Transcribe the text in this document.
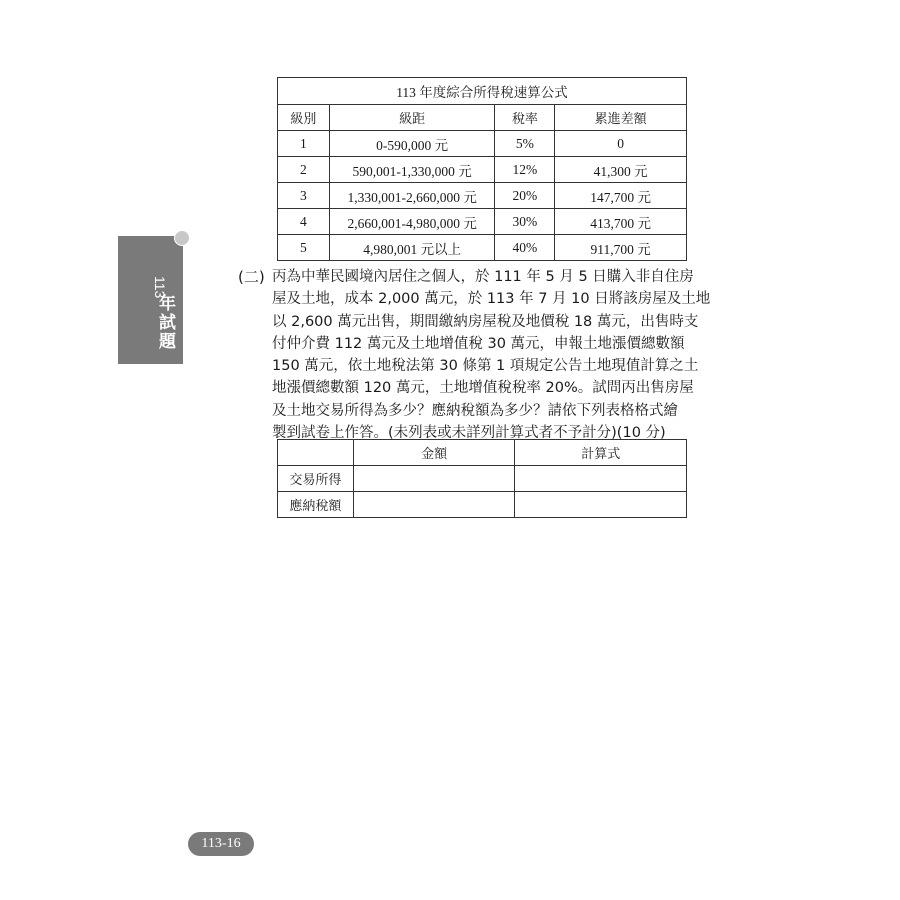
113
年試題
113 年度綜合所得稅速算公式			
級別	級距	稅率	累進差額
1	0-590,000 元	5%	0
2	590,001-1,330,000 元	12%	41,300 元
3	1,330,001-2,660,000 元	20%	147,700 元
4	2,660,001-4,980,000 元	30%	413,700 元
5	4,980,001 元以上	40%	911,700 元
(二) 丙為中華民國境內居住之個人，於 111 年 5 月 5 日購入非自住房
屋及土地，成本 2,000 萬元，於 113 年 7 月 10 日將該房屋及土地
以 2,600 萬元出售，期間繳納房屋稅及地價稅 18 萬元，出售時支
付仲介費 112 萬元及土地增值稅 30 萬元，申報土地漲價總數額
150 萬元，依土地稅法第 30 條第 1 項規定公告土地現值計算之土
地漲價總數額 120 萬元，土地增值稅稅率 20%。試問丙出售房屋
及土地交易所得為多少？應納稅額為多少？請依下列表格格式繪
製到試卷上作答。(未列表或未詳列計算式者不予計分)(10 分)
	金額	計算式
交易所得		
應納稅額		
113-16
